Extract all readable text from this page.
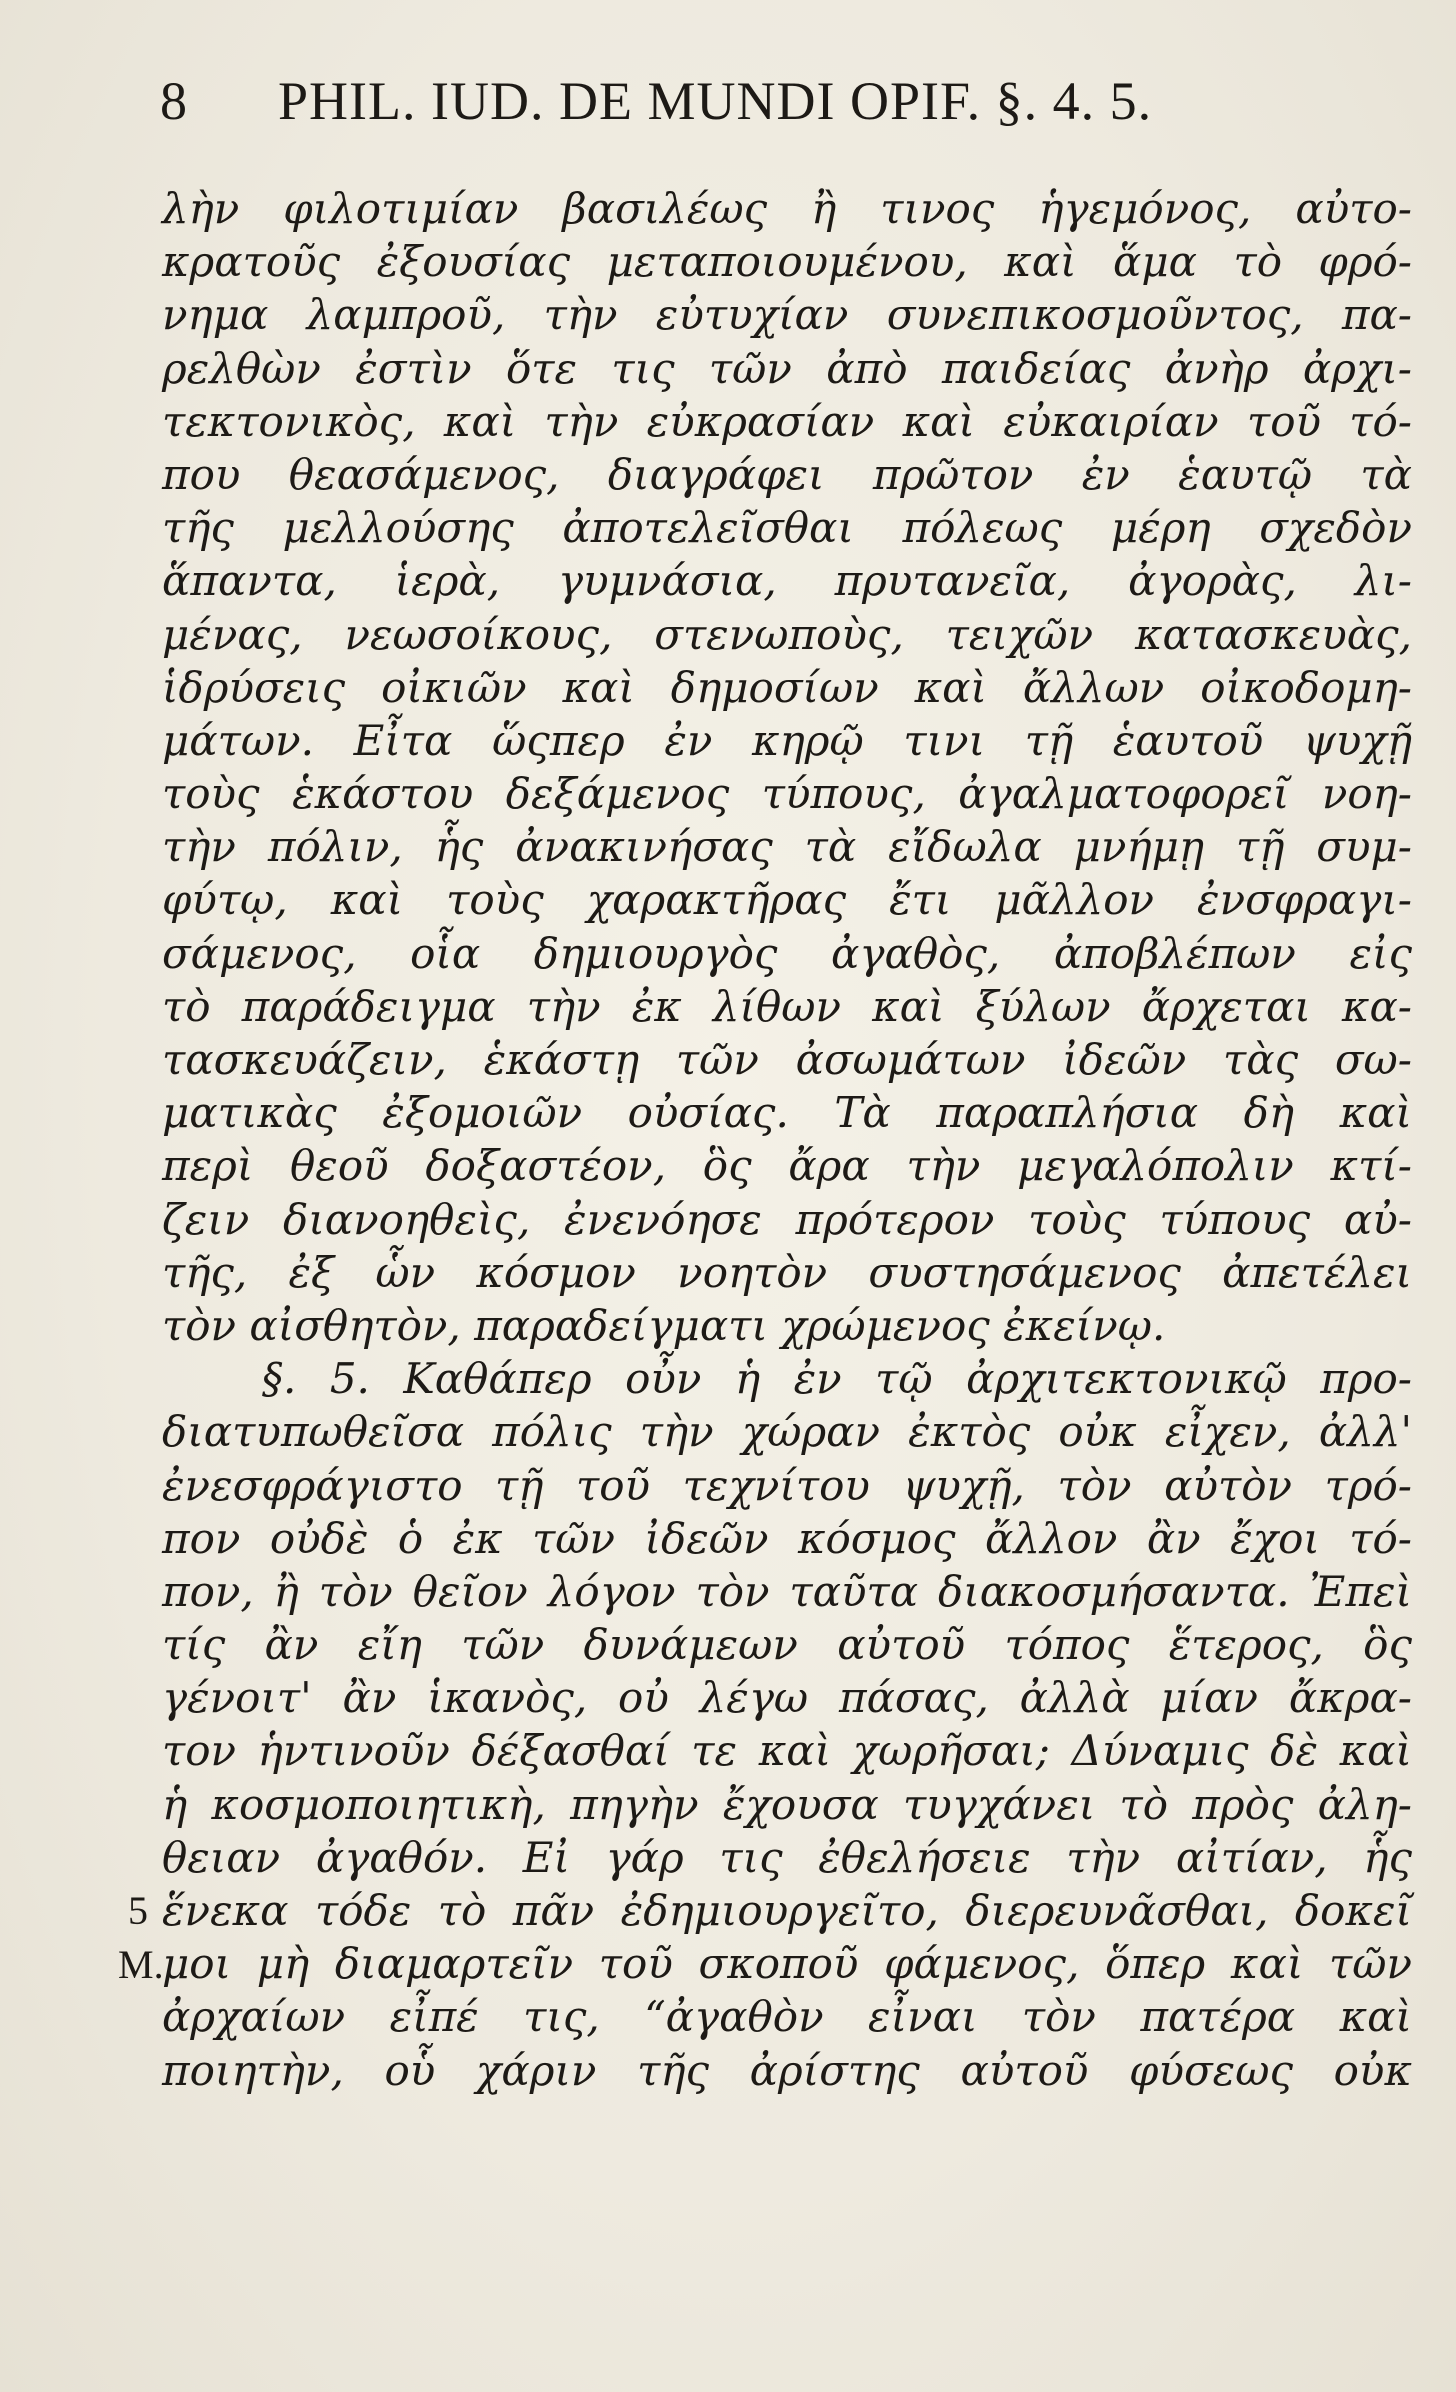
8 PHIL. IUD. DE MUNDI OPIF. §. 4. 5.
λὴν φιλοτιμίαν βασιλέως ἢ τινος ἡγεμόνος, αὐτο-
κρατοῦς ἐξουσίας μεταποιουμένου, καὶ ἅμα τὸ φρό-
νημα λαμπροῦ, τὴν εὐτυχίαν συνεπικοσμοῦντος, πα-
ρελθὼν ἐστὶν ὅτε τις τῶν ἀπὸ παιδείας ἀνὴρ ἀρχι-
τεκτονικὸς, καὶ τὴν εὐκρασίαν καὶ εὐκαιρίαν τοῦ τό-
που θεασάμενος, διαγράφει πρῶτον ἐν ἑαυτῷ τὰ
τῆς μελλούσης ἀποτελεῖσθαι πόλεως μέρη σχεδὸν
ἅπαντα, ἱερὰ, γυμνάσια, πρυτανεῖα, ἀγορὰς, λι-
μένας, νεωσοίκους, στενωποὺς, τειχῶν κατασκευὰς,
ἱδρύσεις οἰκιῶν καὶ δημοσίων καὶ ἄλλων οἰκοδομη-
μάτων. Εἶτα ὥςπερ ἐν κηρῷ τινι τῇ ἑαυτοῦ ψυχῇ
τοὺς ἑκάστου δεξάμενος τύπους, ἀγαλματοφορεῖ νοη-
τὴν πόλιν, ἧς ἀνακινήσας τὰ εἴδωλα μνήμῃ τῇ συμ-
φύτῳ, καὶ τοὺς χαρακτῆρας ἔτι μᾶλλον ἐνσφραγι-
σάμενος, οἷα δημιουργὸς ἀγαθὸς, ἀποβλέπων εἰς
τὸ παράδειγμα τὴν ἐκ λίθων καὶ ξύλων ἄρχεται κα-
τασκευάζειν, ἑκάστῃ τῶν ἀσωμάτων ἰδεῶν τὰς σω-
ματικὰς ἐξομοιῶν οὐσίας. Τὰ παραπλήσια δὴ καὶ
περὶ θεοῦ δοξαστέον, ὃς ἄρα τὴν μεγαλόπολιν κτί-
ζειν διανοηθεὶς, ἐνενόησε πρότερον τοὺς τύπους αὐ-
τῆς, ἐξ ὧν κόσμον νοητὸν συστησάμενος ἀπετέλει
τὸν αἰσθητὸν, παραδείγματι χρώμενος ἐκείνῳ.
§. 5. Καθάπερ οὖν ἡ ἐν τῷ ἀρχιτεκτονικῷ προ-
διατυπωθεῖσα πόλις τὴν χώραν ἐκτὸς οὐκ εἶχεν, ἀλλ'
ἐνεσφράγιστο τῇ τοῦ τεχνίτου ψυχῇ, τὸν αὐτὸν τρό-
πον οὐδὲ ὁ ἐκ τῶν ἰδεῶν κόσμος ἄλλον ἂν ἔχοι τό-
πον, ἢ τὸν θεῖον λόγον τὸν ταῦτα διακοσμήσαντα. Ἐπεὶ
τίς ἂν εἴη τῶν δυνάμεων αὐτοῦ τόπος ἕτερος, ὃς
γένοιτ' ἂν ἱκανὸς, οὐ λέγω πάσας, ἀλλὰ μίαν ἄκρα-
τον ἡντινοῦν δέξασθαί τε καὶ χωρῆσαι; Δύναμις δὲ καὶ
ἡ κοσμοποιητικὴ, πηγὴν ἔχουσα τυγχάνει τὸ πρὸς ἀλη-
θειαν ἀγαθόν. Εἰ γάρ τις ἐθελήσειε τὴν αἰτίαν, ἧς
ἕνεκα τόδε τὸ πᾶν ἐδημιουργεῖτο, διερευνᾶσθαι, δοκεῖ
μοι μὴ διαμαρτεῖν τοῦ σκοποῦ φάμενος, ὅπερ καὶ τῶν
ἀρχαίων εἶπέ τις, “ἀγαθὸν εἶναι τὸν πατέρα καὶ
ποιητὴν, οὗ χάριν τῆς ἀρίστης αὐτοῦ φύσεως οὐκ
5
M.
